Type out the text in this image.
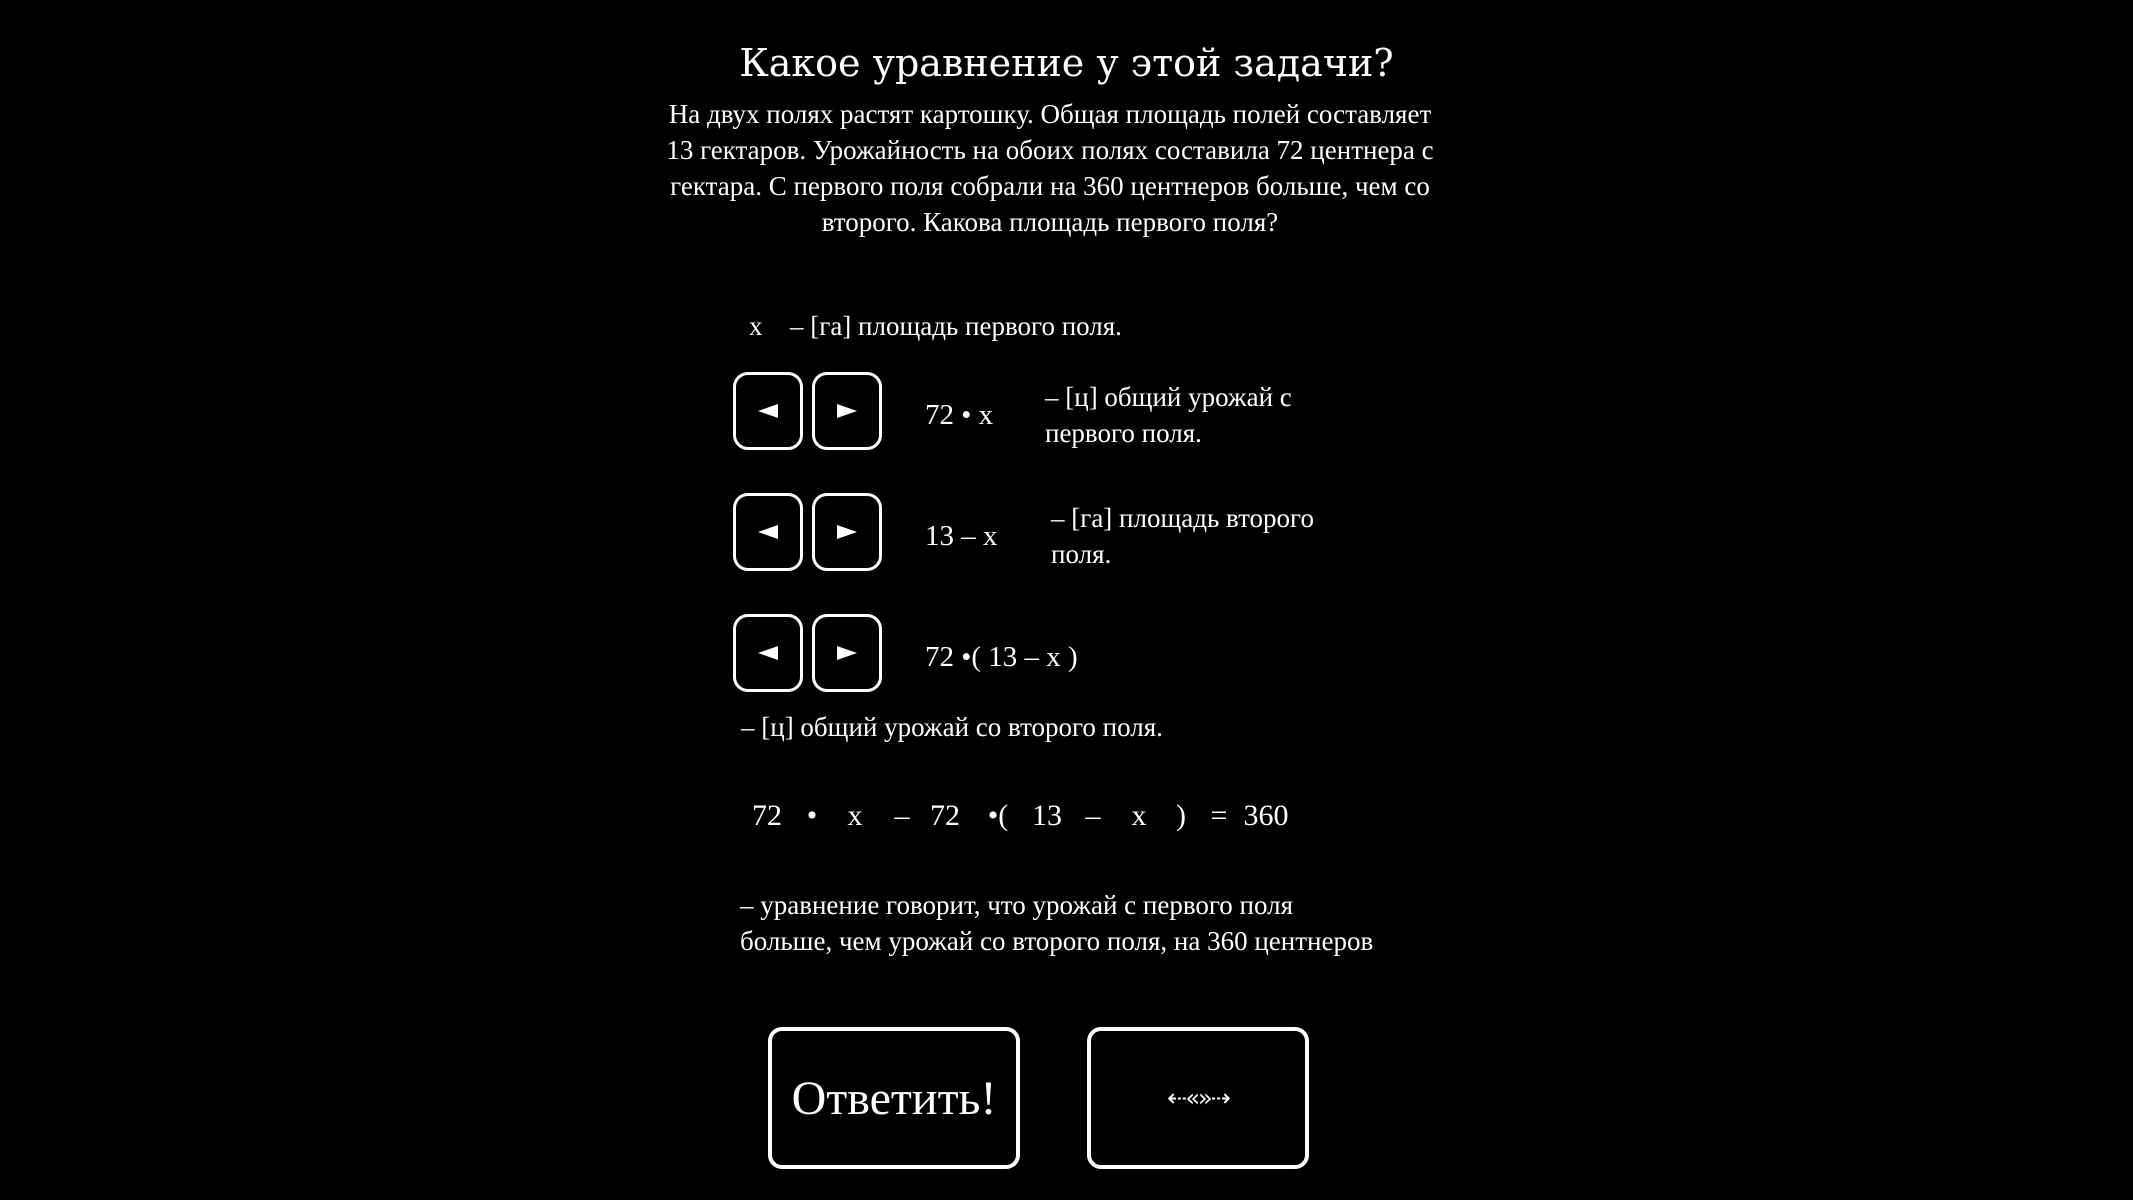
Какое уравнение у этой задачи?
На двух полях растят картошку. Общая площадь полей составляет 13 гектаров. Урожайность на обоих полях составила 72 центнера с гектара. С первого поля собрали на 360 центнеров больше, чем со второго. Какова площадь первого поля?
x – [га] площадь первого поля.
72 • x
– [ц] общий урожай с первого поля.
13 – x
– [га] площадь второго поля.
72 •( 13 – x )
– [ц] общий урожай со второго поля.
72 • x – 72 •( 13 – x ) = 360
– уравнение говорит, что урожай с первого поля больше, чем урожай со второго поля, на 360 центнеров
Ответить!	⇠«»⇢
